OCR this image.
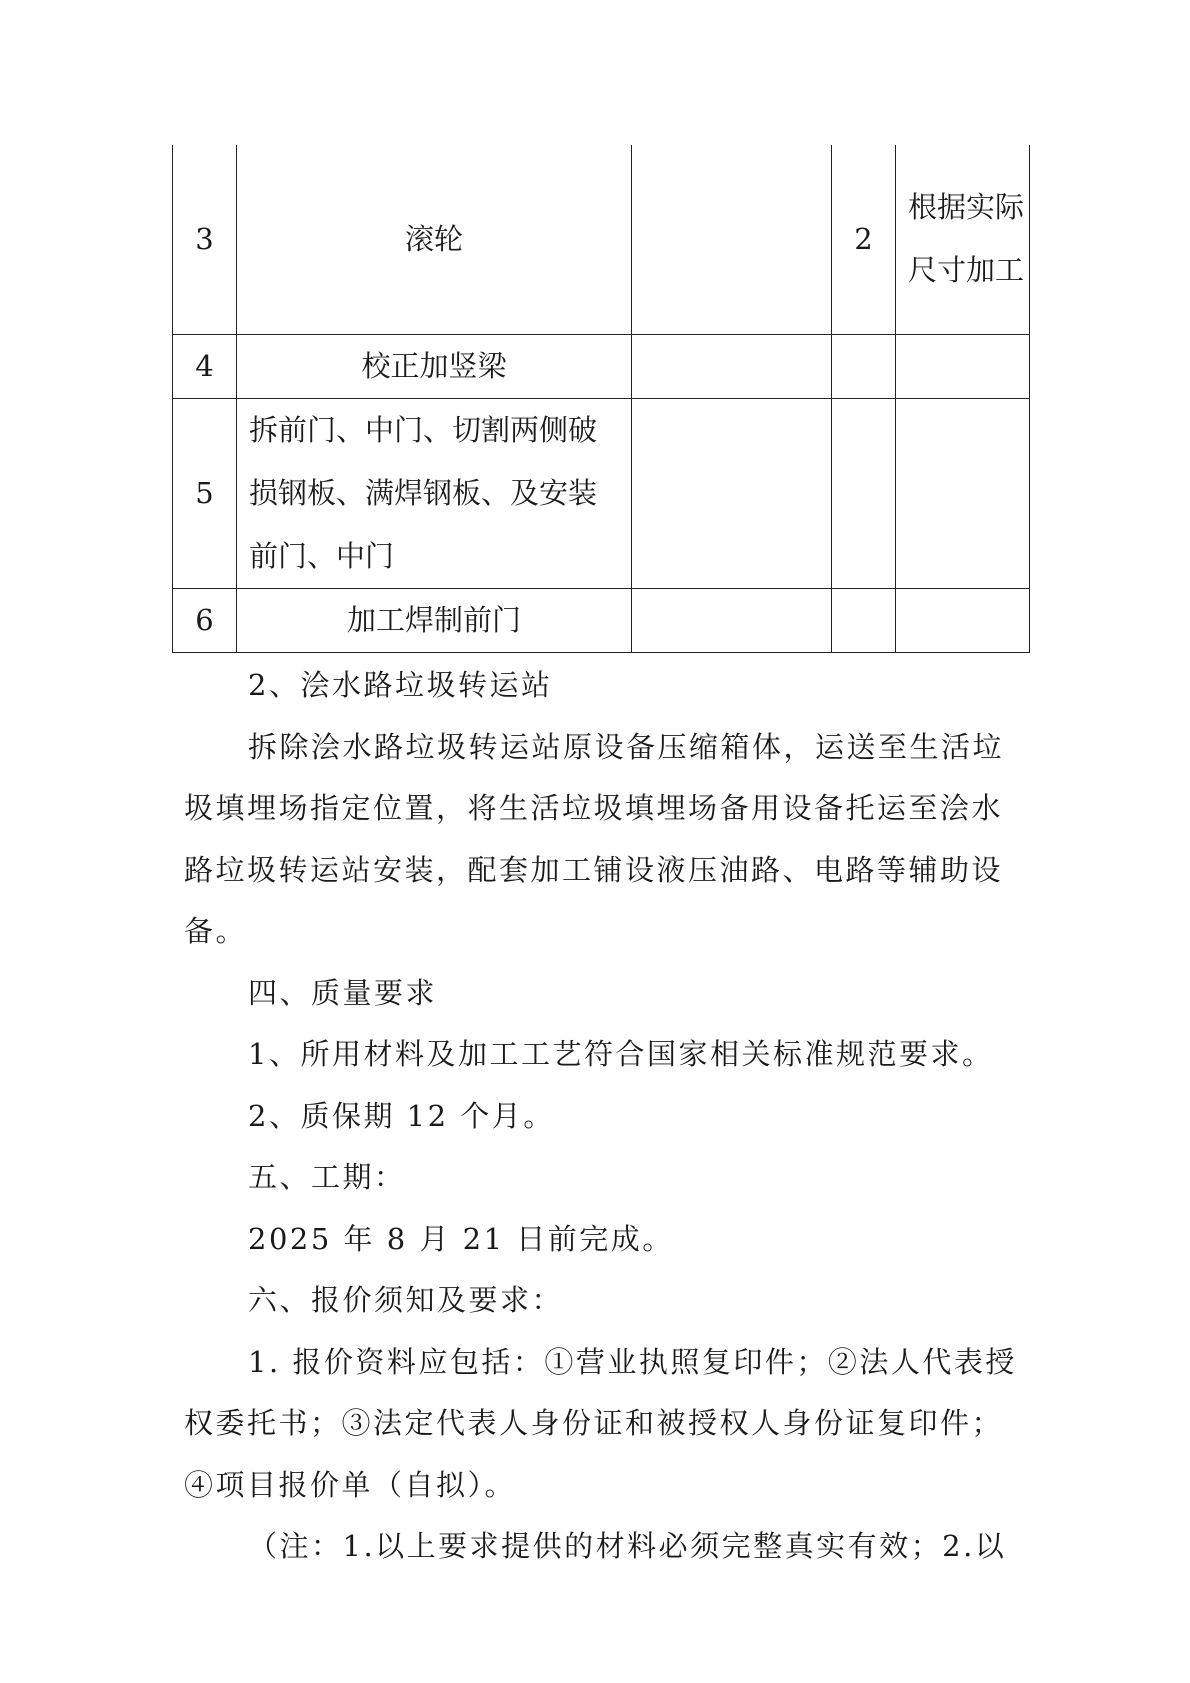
3	滚轮		2	根据实际尺寸加工
4	校正加竖梁			
5	拆前门、中门、切割两侧破损钢板、满焊钢板、及安装前门、中门			
6	加工焊制前门			

2、浍水路垃圾转运站

拆除浍水路垃圾转运站原设备压缩箱体，运送至生活垃圾填埋场指定位置，将生活垃圾填埋场备用设备托运至浍水路垃圾转运站安装，配套加工铺设液压油路、电路等辅助设备。

四、质量要求

1、所用材料及加工工艺符合国家相关标准规范要求。

2、质保期 12 个月。

五、工期：

2025 年 8 月 21 日前完成。

六、报价须知及要求：

1. 报价资料应包括：①营业执照复印件；②法人代表授权委托书；③法定代表人身份证和被授权人身份证复印件；④项目报价单（自拟）。

（注：1.以上要求提供的材料必须完整真实有效；2.以
